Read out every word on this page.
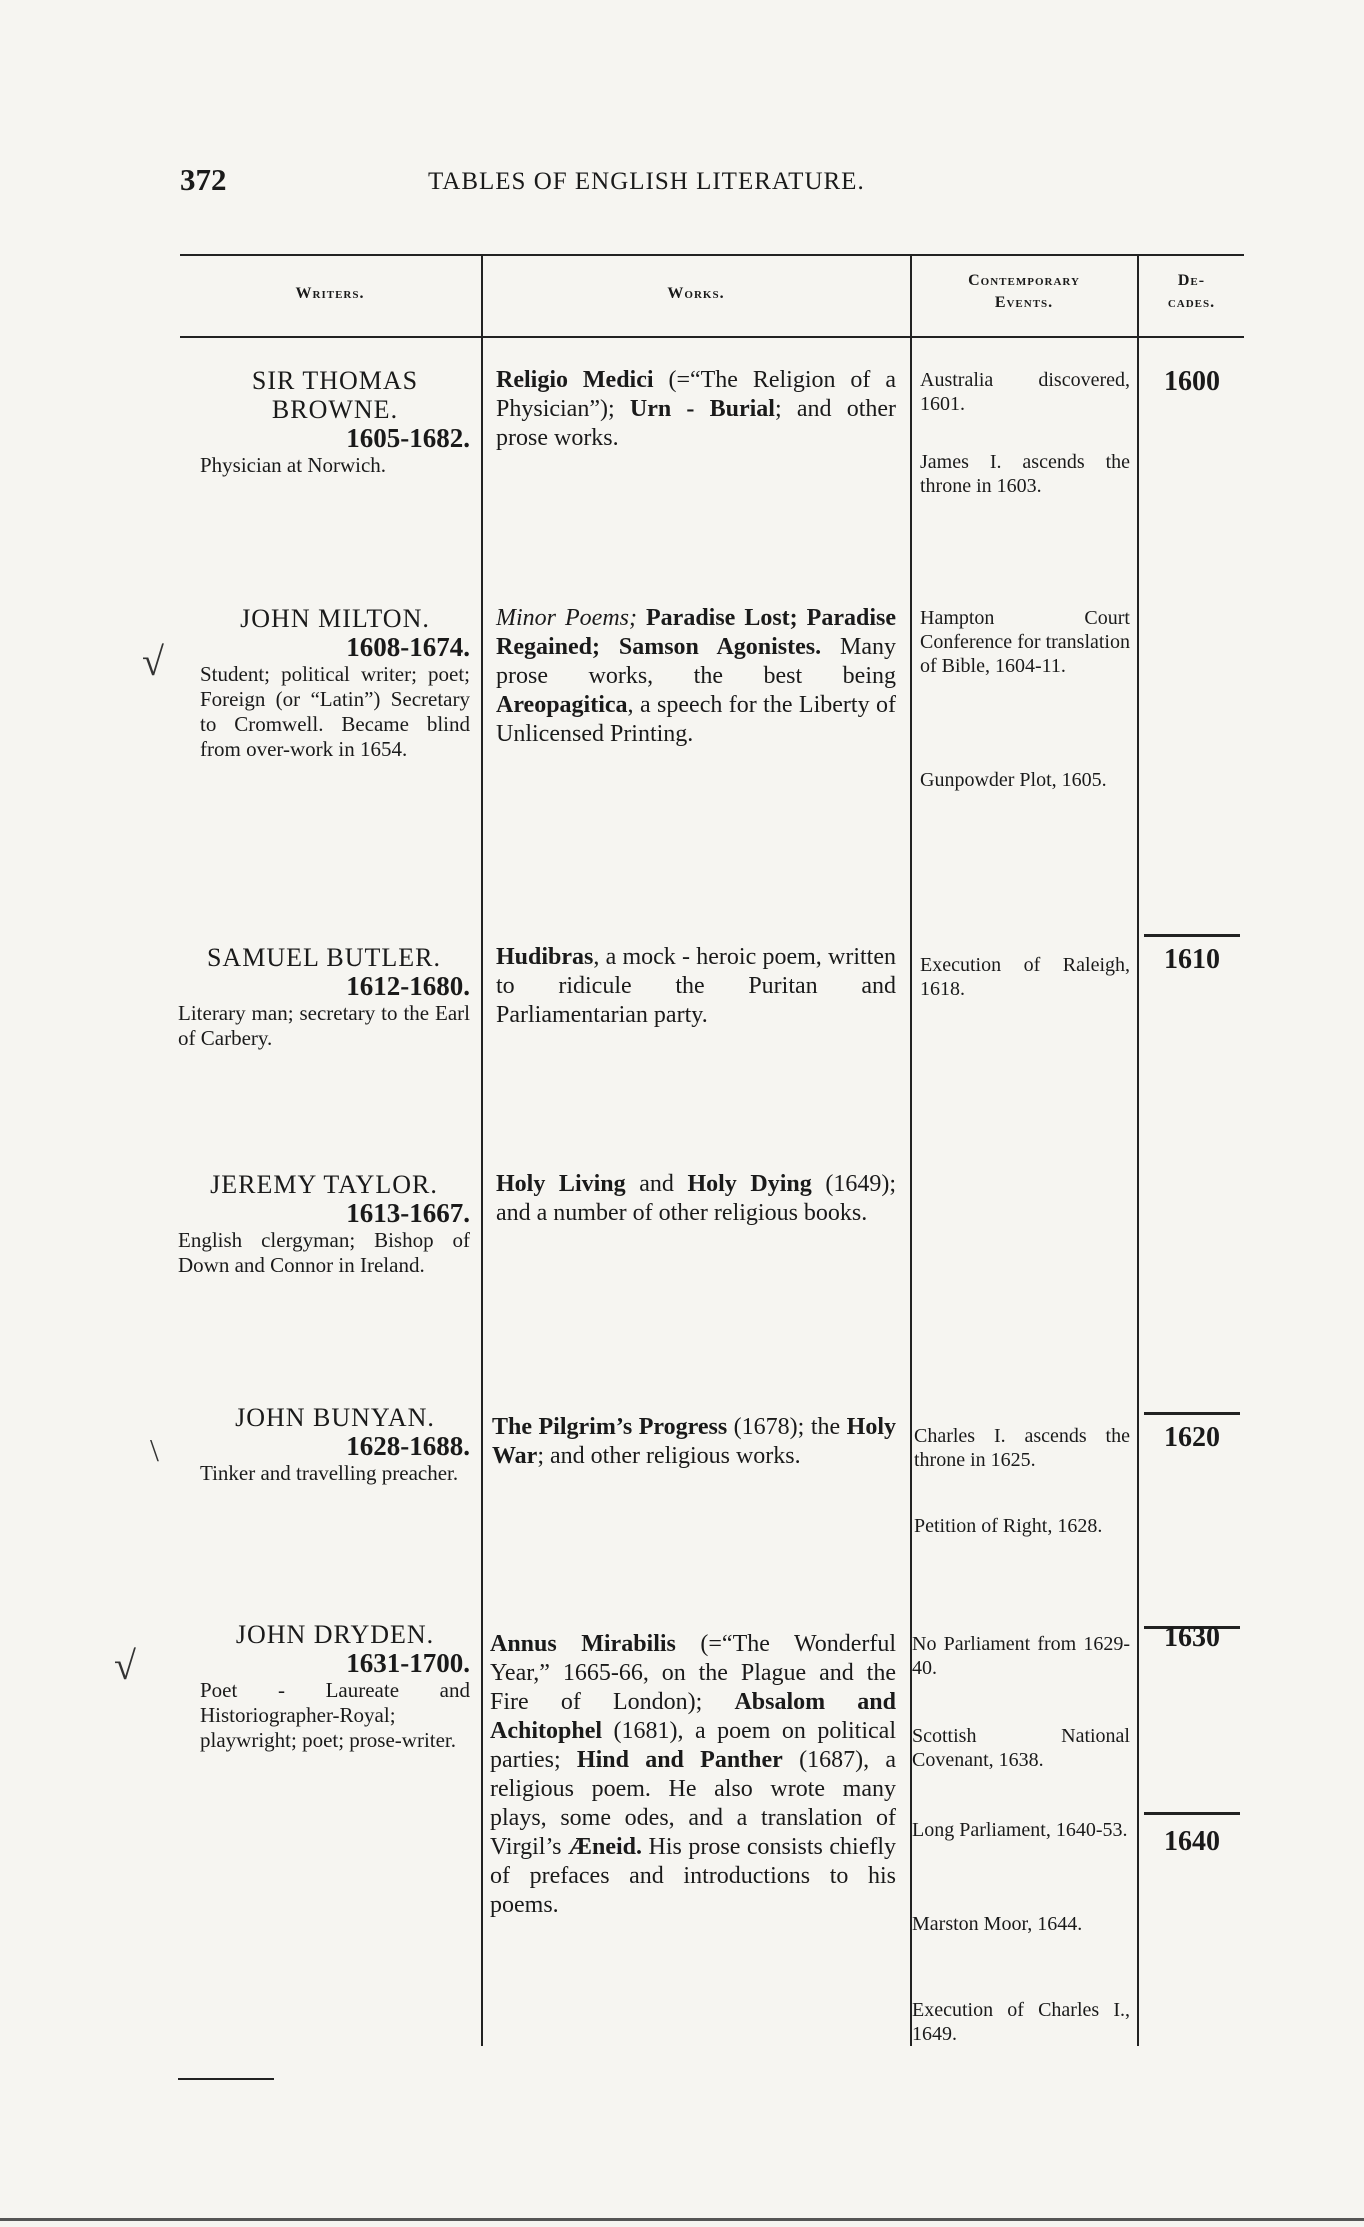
372	TABLES OF ENGLISH LITERATURE.
Writers.	Works.
Contemporary
Events.
De-
cades.
SIR THOMAS BROWNE.
1605-1682.
Physician at Norwich.
JOHN MILTON.
1608-1674.
Student; political writer; poet; Foreign (or “Latin”) Secretary to Cromwell. Became blind from over-work in 1654.
SAMUEL BUTLER.
1612-1680.
Literary man; secretary to the Earl of Carbery.
JEREMY TAYLOR.
1613-1667.
English clergyman; Bishop of Down and Connor in Ireland.
JOHN BUNYAN.
1628-1688.
Tinker and travelling preacher.
JOHN DRYDEN.
1631-1700.
Poet - Laureate and Historiographer-Royal; playwright; poet; prose-writer.
Religio Medici (=“The Religion of a Physician”); Urn - Burial; and other prose works.
Minor Poems; Paradise Lost; Paradise Regained; Samson Agonistes. Many prose works, the best being Areopagitica, a speech for the Liberty of Unlicensed Printing.
Hudibras, a mock - heroic poem, written to ridicule the Puritan and Parliamentarian party.
Holy Living and Holy Dying (1649); and a number of other religious books.
The Pilgrim’s Progress (1678); the Holy War; and other religious works.
Annus Mirabilis (=“The Wonderful Year,” 1665-66, on the Plague and the Fire of London); Absalom and Achitophel (1681), a poem on political parties; Hind and Panther (1687), a religious poem. He also wrote many plays, some odes, and a translation of Virgil’s Æneid. His prose consists chiefly of prefaces and introductions to his poems.
Australia discovered, 1601.
James I. ascends the throne in 1603.
Hampton Court Conference for translation of Bible, 1604-11.
Gunpowder Plot, 1605.
Execution of Raleigh, 1618.
Charles I. ascends the throne in 1625.
Petition of Right, 1628.
No Parliament from 1629-40.
Scottish National Covenant, 1638.
Long Parliament, 1640-53.
Marston Moor, 1644.
Execution of Charles I., 1649.
1600
1610
1620
1630
1640
√
\
√
